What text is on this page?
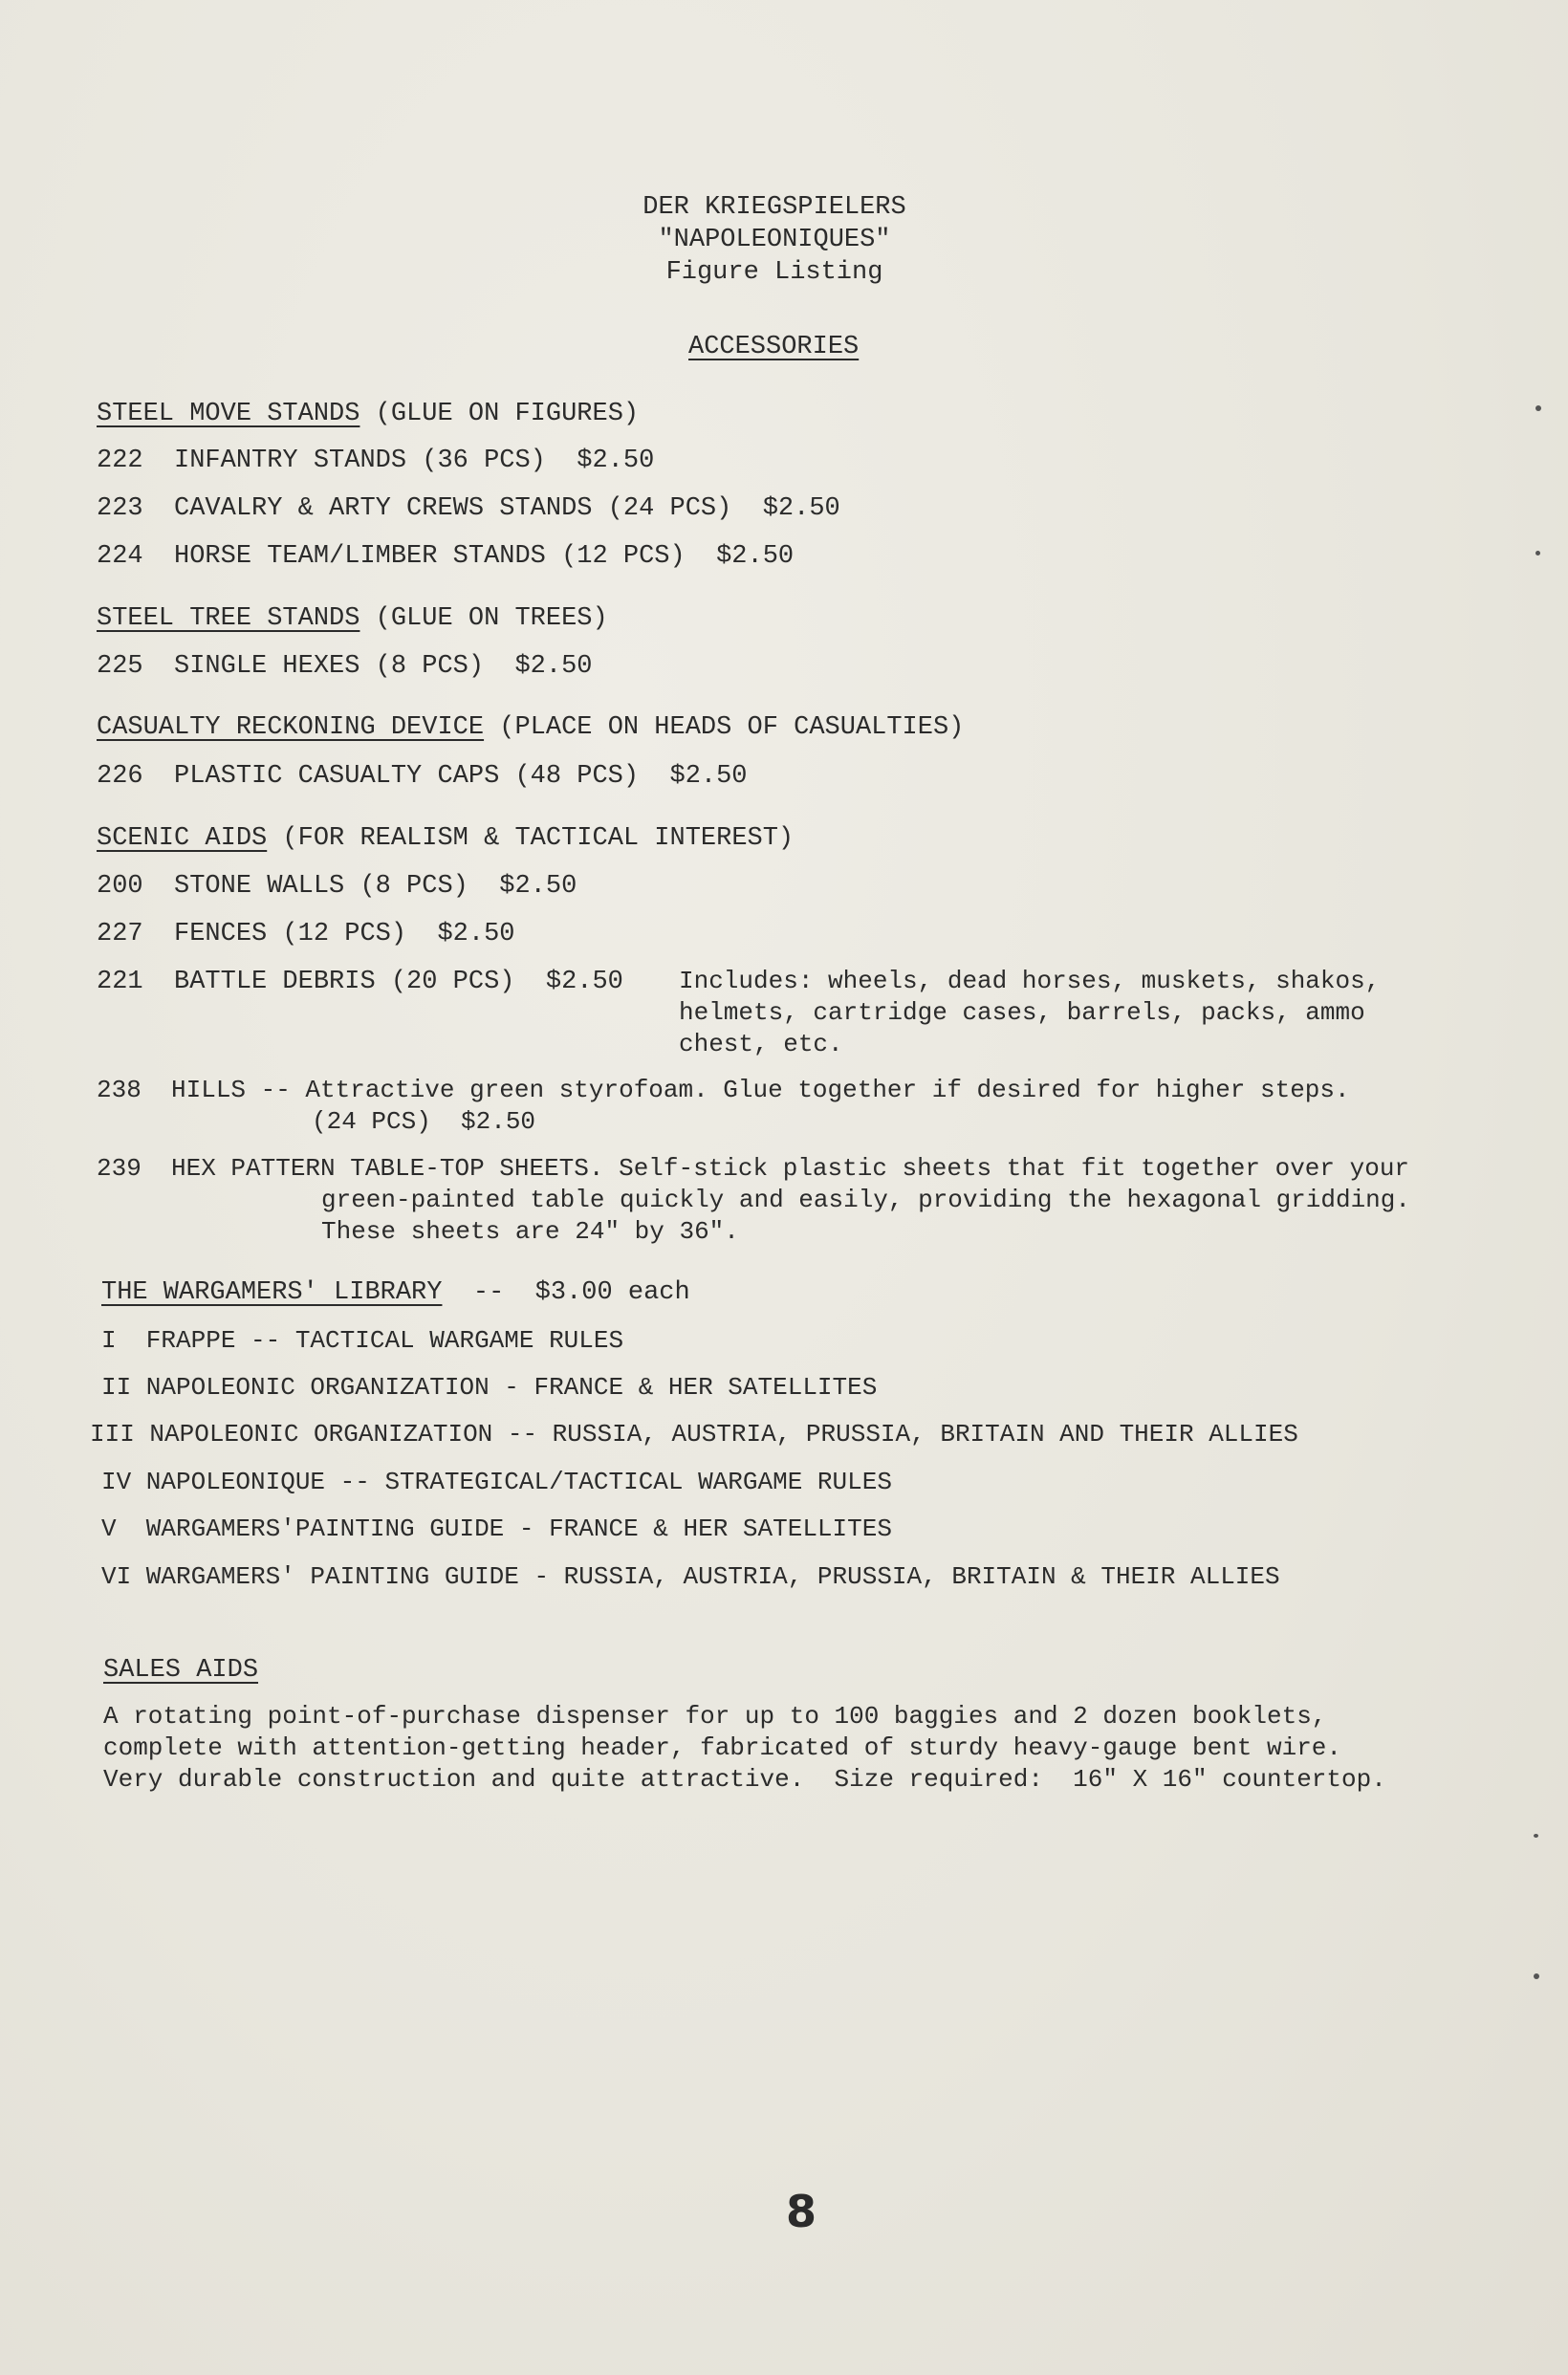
DER KRIEGSPIELERS
"NAPOLEONIQUES"
Figure Listing
ACCESSORIES
STEEL MOVE STANDS (GLUE ON FIGURES)
222  INFANTRY STANDS (36 PCS)  $2.50
223  CAVALRY & ARTY CREWS STANDS (24 PCS)  $2.50
224  HORSE TEAM/LIMBER STANDS (12 PCS)  $2.50
STEEL TREE STANDS (GLUE ON TREES)
225  SINGLE HEXES (8 PCS)  $2.50
CASUALTY RECKONING DEVICE (PLACE ON HEADS OF CASUALTIES)
226  PLASTIC CASUALTY CAPS (48 PCS)  $2.50
SCENIC AIDS (FOR REALISM & TACTICAL INTEREST)
200  STONE WALLS (8 PCS)  $2.50
227  FENCES (12 PCS)  $2.50
221  BATTLE DEBRIS (20 PCS)  $2.50 Includes: wheels, dead horses, muskets, shakos,
helmets, cartridge cases, barrels, packs, ammo
chest, etc.
238  HILLS -- Attractive green styrofoam. Glue together if desired for higher steps.
(24 PCS)  $2.50
239  HEX PATTERN TABLE-TOP SHEETS. Self-stick plastic sheets that fit together over your
green-painted table quickly and easily, providing the hexagonal gridding.
These sheets are 24" by 36".
THE WARGAMERS' LIBRARY  --  $3.00 each
I  FRAPPE -- TACTICAL WARGAME RULES
II NAPOLEONIC ORGANIZATION - FRANCE & HER SATELLITES
III NAPOLEONIC ORGANIZATION -- RUSSIA, AUSTRIA, PRUSSIA, BRITAIN AND THEIR ALLIES
IV NAPOLEONIQUE -- STRATEGICAL/TACTICAL WARGAME RULES
V  WARGAMERS'PAINTING GUIDE - FRANCE & HER SATELLITES
VI WARGAMERS' PAINTING GUIDE - RUSSIA, AUSTRIA, PRUSSIA, BRITAIN & THEIR ALLIES
SALES AIDS
A rotating point-of-purchase dispenser for up to 100 baggies and 2 dozen booklets,
complete with attention-getting header, fabricated of sturdy heavy-gauge bent wire.
Very durable construction and quite attractive.  Size required:  16" X 16" countertop.
8
